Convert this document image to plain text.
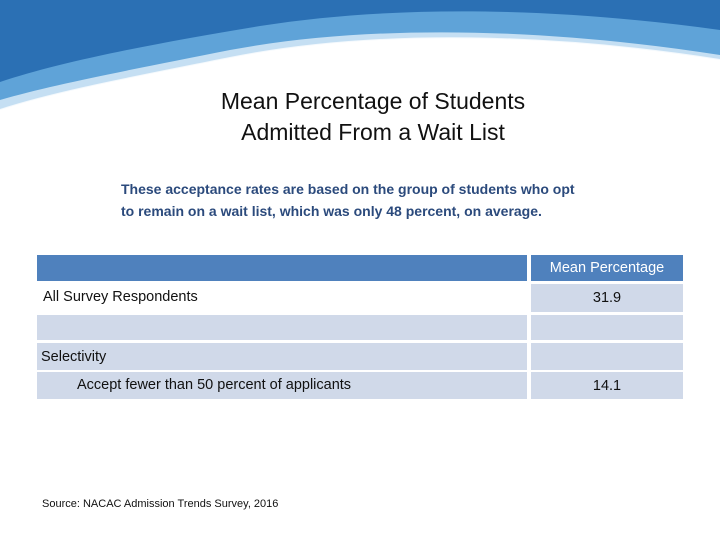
Mean Percentage of Students
Admitted From a Wait List
These acceptance rates are based on the group of students who opt
to remain on a wait list, which was only 48 percent, on average.
Mean Percentage
All Survey Respondents	31.9
Selectivity
Accept fewer than 50 percent of applicants	14.1
Source: NACAC Admission Trends Survey, 2016
